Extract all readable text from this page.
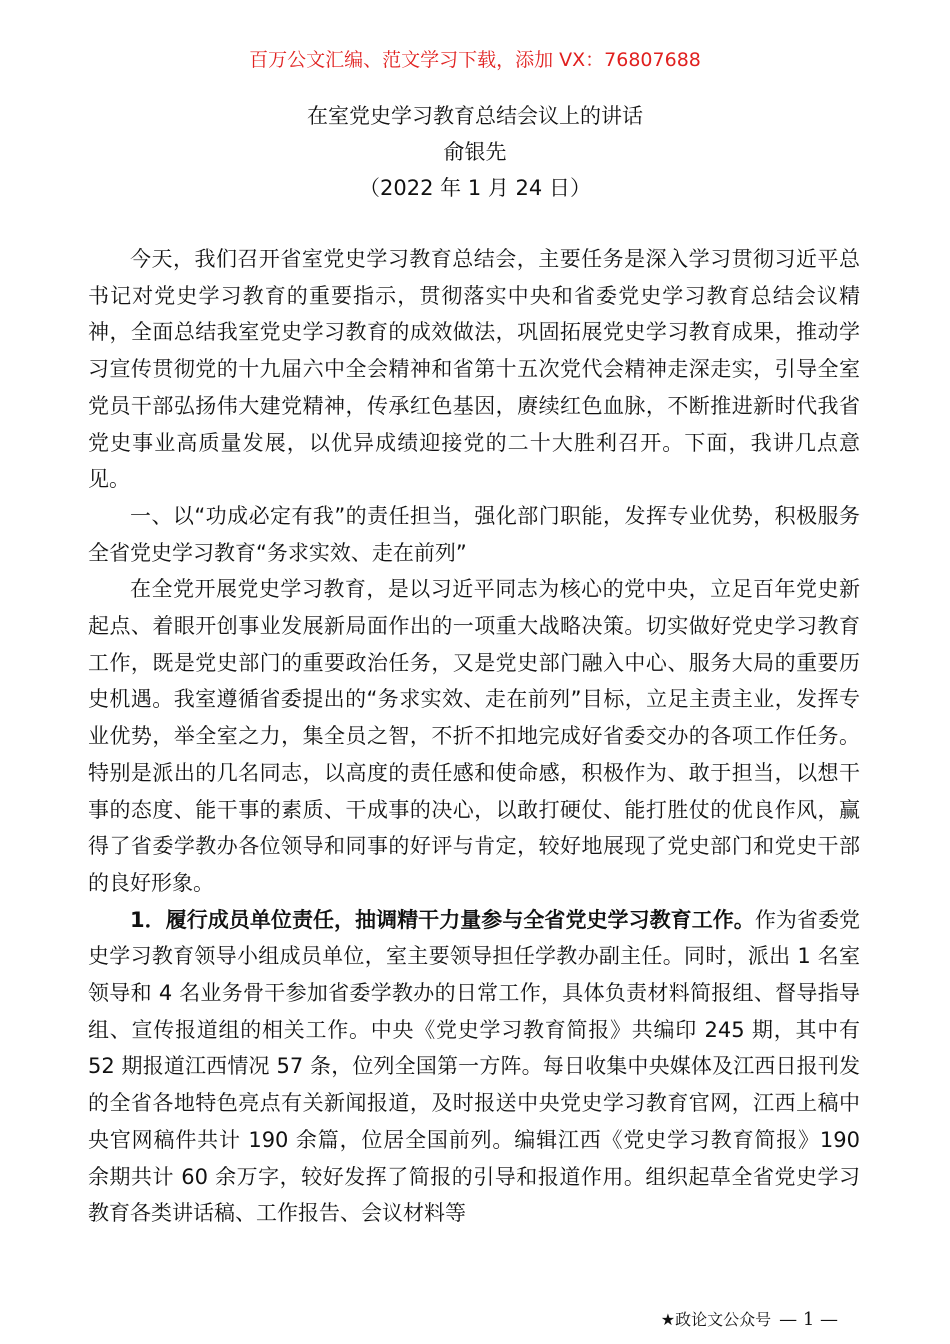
百万公文汇编、范文学习下载，添加 VX：76807688
在室党史学习教育总结会议上的讲话
俞银先
（2022 年 1 月 24 日）

今天，我们召开省室党史学习教育总结会，主要任务是深入学习贯彻习近平总书记对党史学习教育的重要指示，贯彻落实中央和省委党史学习教育总结会议精神，全面总结我室党史学习教育的成效做法，巩固拓展党史学习教育成果，推动学习宣传贯彻党的十九届六中全会精神和省第十五次党代会精神走深走实，引导全室党员干部弘扬伟大建党精神，传承红色基因，赓续红色血脉，不断推进新时代我省党史事业高质量发展，以优异成绩迎接党的二十大胜利召开。下面，我讲几点意见。

一、以“功成必定有我”的责任担当，强化部门职能，发挥专业优势，积极服务全省党史学习教育“务求实效、走在前列”

在全党开展党史学习教育，是以习近平同志为核心的党中央，立足百年党史新起点、着眼开创事业发展新局面作出的一项重大战略决策。切实做好党史学习教育工作，既是党史部门的重要政治任务，又是党史部门融入中心、服务大局的重要历史机遇。我室遵循省委提出的“务求实效、走在前列”目标，立足主责主业，发挥专业优势，举全室之力，集全员之智，不折不扣地完成好省委交办的各项工作任务。特别是派出的几名同志，以高度的责任感和使命感，积极作为、敢于担当，以想干事的态度、能干事的素质、干成事的决心，以敢打硬仗、能打胜仗的优良作风，赢得了省委学教办各位领导和同事的好评与肯定，较好地展现了党史部门和党史干部的良好形象。

1．履行成员单位责任，抽调精干力量参与全省党史学习教育工作。作为省委党史学习教育领导小组成员单位，室主要领导担任学教办副主任。同时，派出 1 名室领导和 4 名业务骨干参加省委学教办的日常工作，具体负责材料简报组、督导指导组、宣传报道组的相关工作。中央《党史学习教育简报》共编印 245 期，其中有 52 期报道江西情况 57 条，位列全国第一方阵。每日收集中央媒体及江西日报刊发的全省各地特色亮点有关新闻报道，及时报送中央党史学习教育官网，江西上稿中央官网稿件共计 190 余篇，位居全国前列。编辑江西《党史学习教育简报》190 余期共计 60 余万字，较好发挥了简报的引导和报道作用。组织起草全省党史学习教育各类讲话稿、工作报告、会议材料等

★政论文公众号 — 1 —
